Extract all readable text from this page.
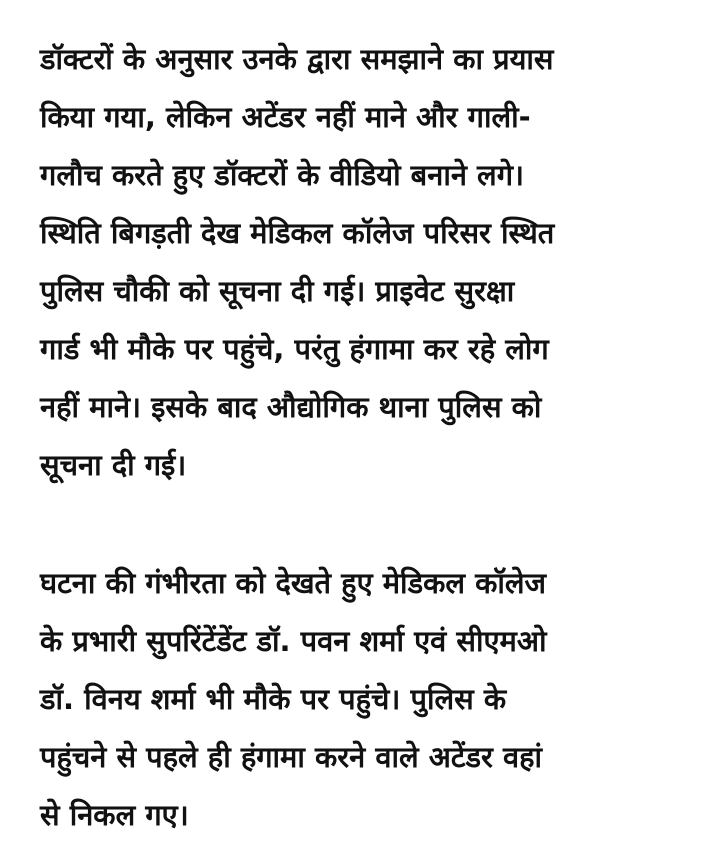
डॉक्टरों के अनुसार उनके द्वारा समझाने का प्रयास
किया गया, लेकिन अटेंडर नहीं माने और गाली-
गलौच करते हुए डॉक्टरों के वीडियो बनाने लगे।
स्थिति बिगड़ती देख मेडिकल कॉलेज परिसर स्थित
पुलिस चौकी को सूचना दी गई। प्राइवेट सुरक्षा
गार्ड भी मौके पर पहुंचे, परंतु हंगामा कर रहे लोग
नहीं माने। इसके बाद औद्योगिक थाना पुलिस को
सूचना दी गई।
घटना की गंभीरता को देखते हुए मेडिकल कॉलेज
के प्रभारी सुपरिंटेंडेंट डॉ. पवन शर्मा एवं सीएमओ
डॉ. विनय शर्मा भी मौके पर पहुंचे। पुलिस के
पहुंचने से पहले ही हंगामा करने वाले अटेंडर वहां
से निकल गए।
